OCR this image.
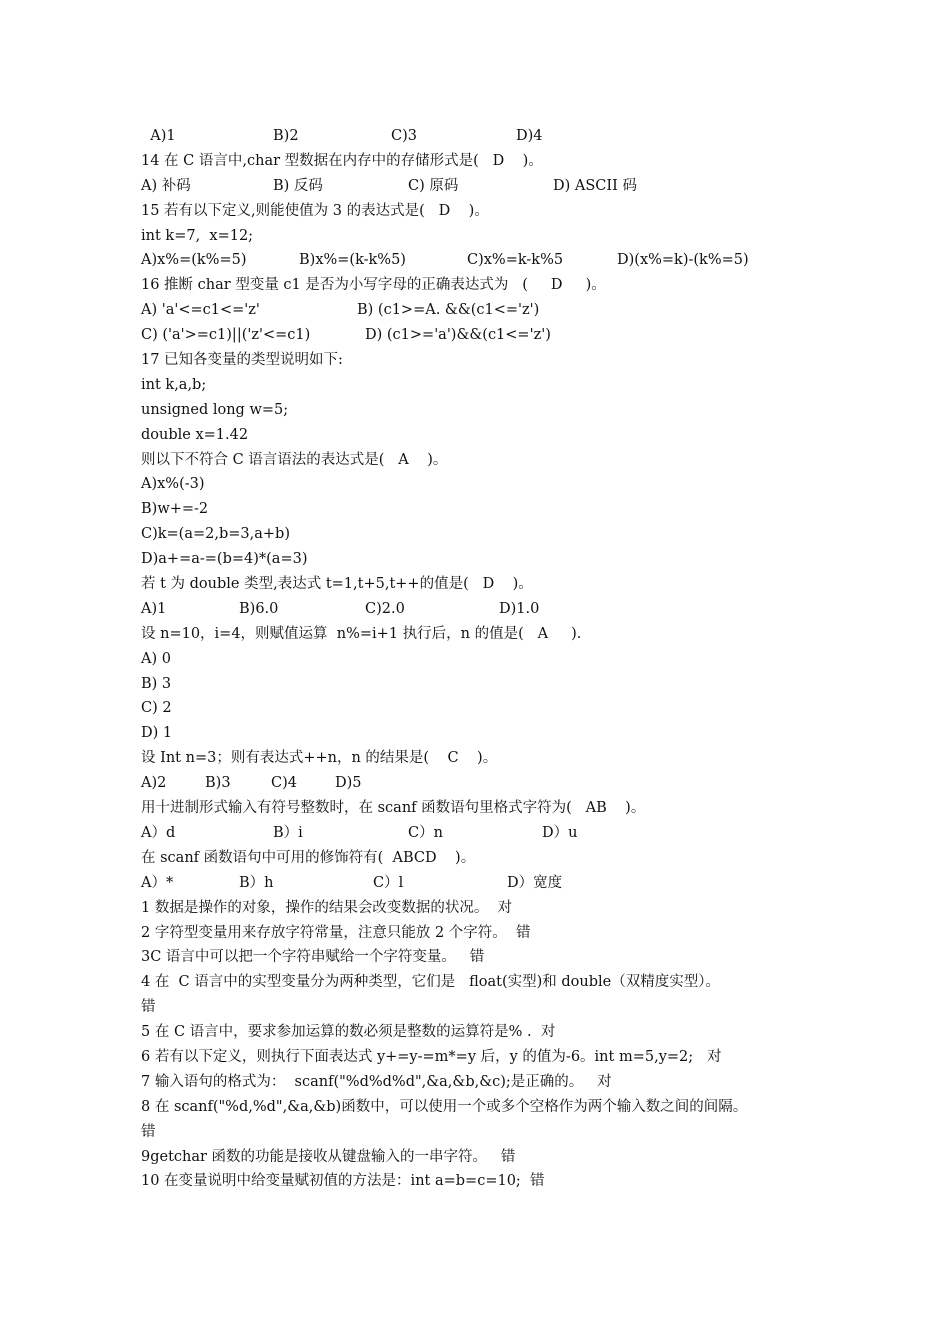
A)1	B)2	C)3	D)4
14 在 C 语言中,char 型数据在内存中的存储形式是(   D    )。
A) 补码	B) 反码	C) 原码	D) ASCII 码
15 若有以下定义,则能使值为 3 的表达式是(   D    )。
int k=7,  x=12;
A)x%=(k%=5)	B)x%=(k-k%5)	C)x%=k-k%5	D)(x%=k)-(k%=5)
16 推断 char 型变量 c1 是否为小写字母的正确表达式为   (     D     )。
A) 'a'<=c1<='z'	B) (c1>=A. &&(c1<='z')
C) ('a'>=c1)||('z'<=c1)	D) (c1>='a')&&(c1<='z')
17 已知各变量的类型说明如下:
int k,a,b;
unsigned long w=5;
double x=1.42
则以下不符合 C 语言语法的表达式是(   A    )。
A)x%(-3)
B)w+=-2
C)k=(a=2,b=3,a+b)
D)a+=a-=(b=4)*(a=3)
若 t 为 double 类型,表达式 t=1,t+5,t++的值是(   D    )。
A)1	B)6.0	C)2.0	D)1.0
设 n=10，i=4，则赋值运算  n%=i+1 执行后，n 的值是(   A     ).
A) 0
B) 3
C) 2
D) 1
设 Int n=3；则有表达式++n，n 的结果是(    C    )。
A)2	B)3	C)4	D)5
用十进制形式输入有符号整数时，在 scanf 函数语句里格式字符为(   AB    )。
A）d	B）i	C）n	D）u
在 scanf 函数语句中可用的修饰符有(  ABCD    )。
A）*	B）h	C）l	D）宽度
1 数据是操作的对象，操作的结果会改变数据的状况。  对
2 字符型变量用来存放字符常量，注意只能放 2 个字符。  错
3C 语言中可以把一个字符串赋给一个字符变量。   错
4 在  C 语言中的实型变量分为两种类型，它们是   float(实型)和 double（双精度实型）。
错
5 在 C 语言中，要求参加运算的数必须是整数的运算符是% .  对
6 若有以下定义，则执行下面表达式 y+=y-=m*=y 后，y 的值为-6。int m=5,y=2;   对
7 输入语句的格式为：  scanf("%d%d%d",&a,&b,&c);是正确的。   对
8 在 scanf("%d,%d",&a,&b)函数中，可以使用一个或多个空格作为两个输入数之间的间隔。
错
9getchar 函数的功能是接收从键盘输入的一串字符。   错
10 在变量说明中给变量赋初值的方法是：int a=b=c=10;  错
